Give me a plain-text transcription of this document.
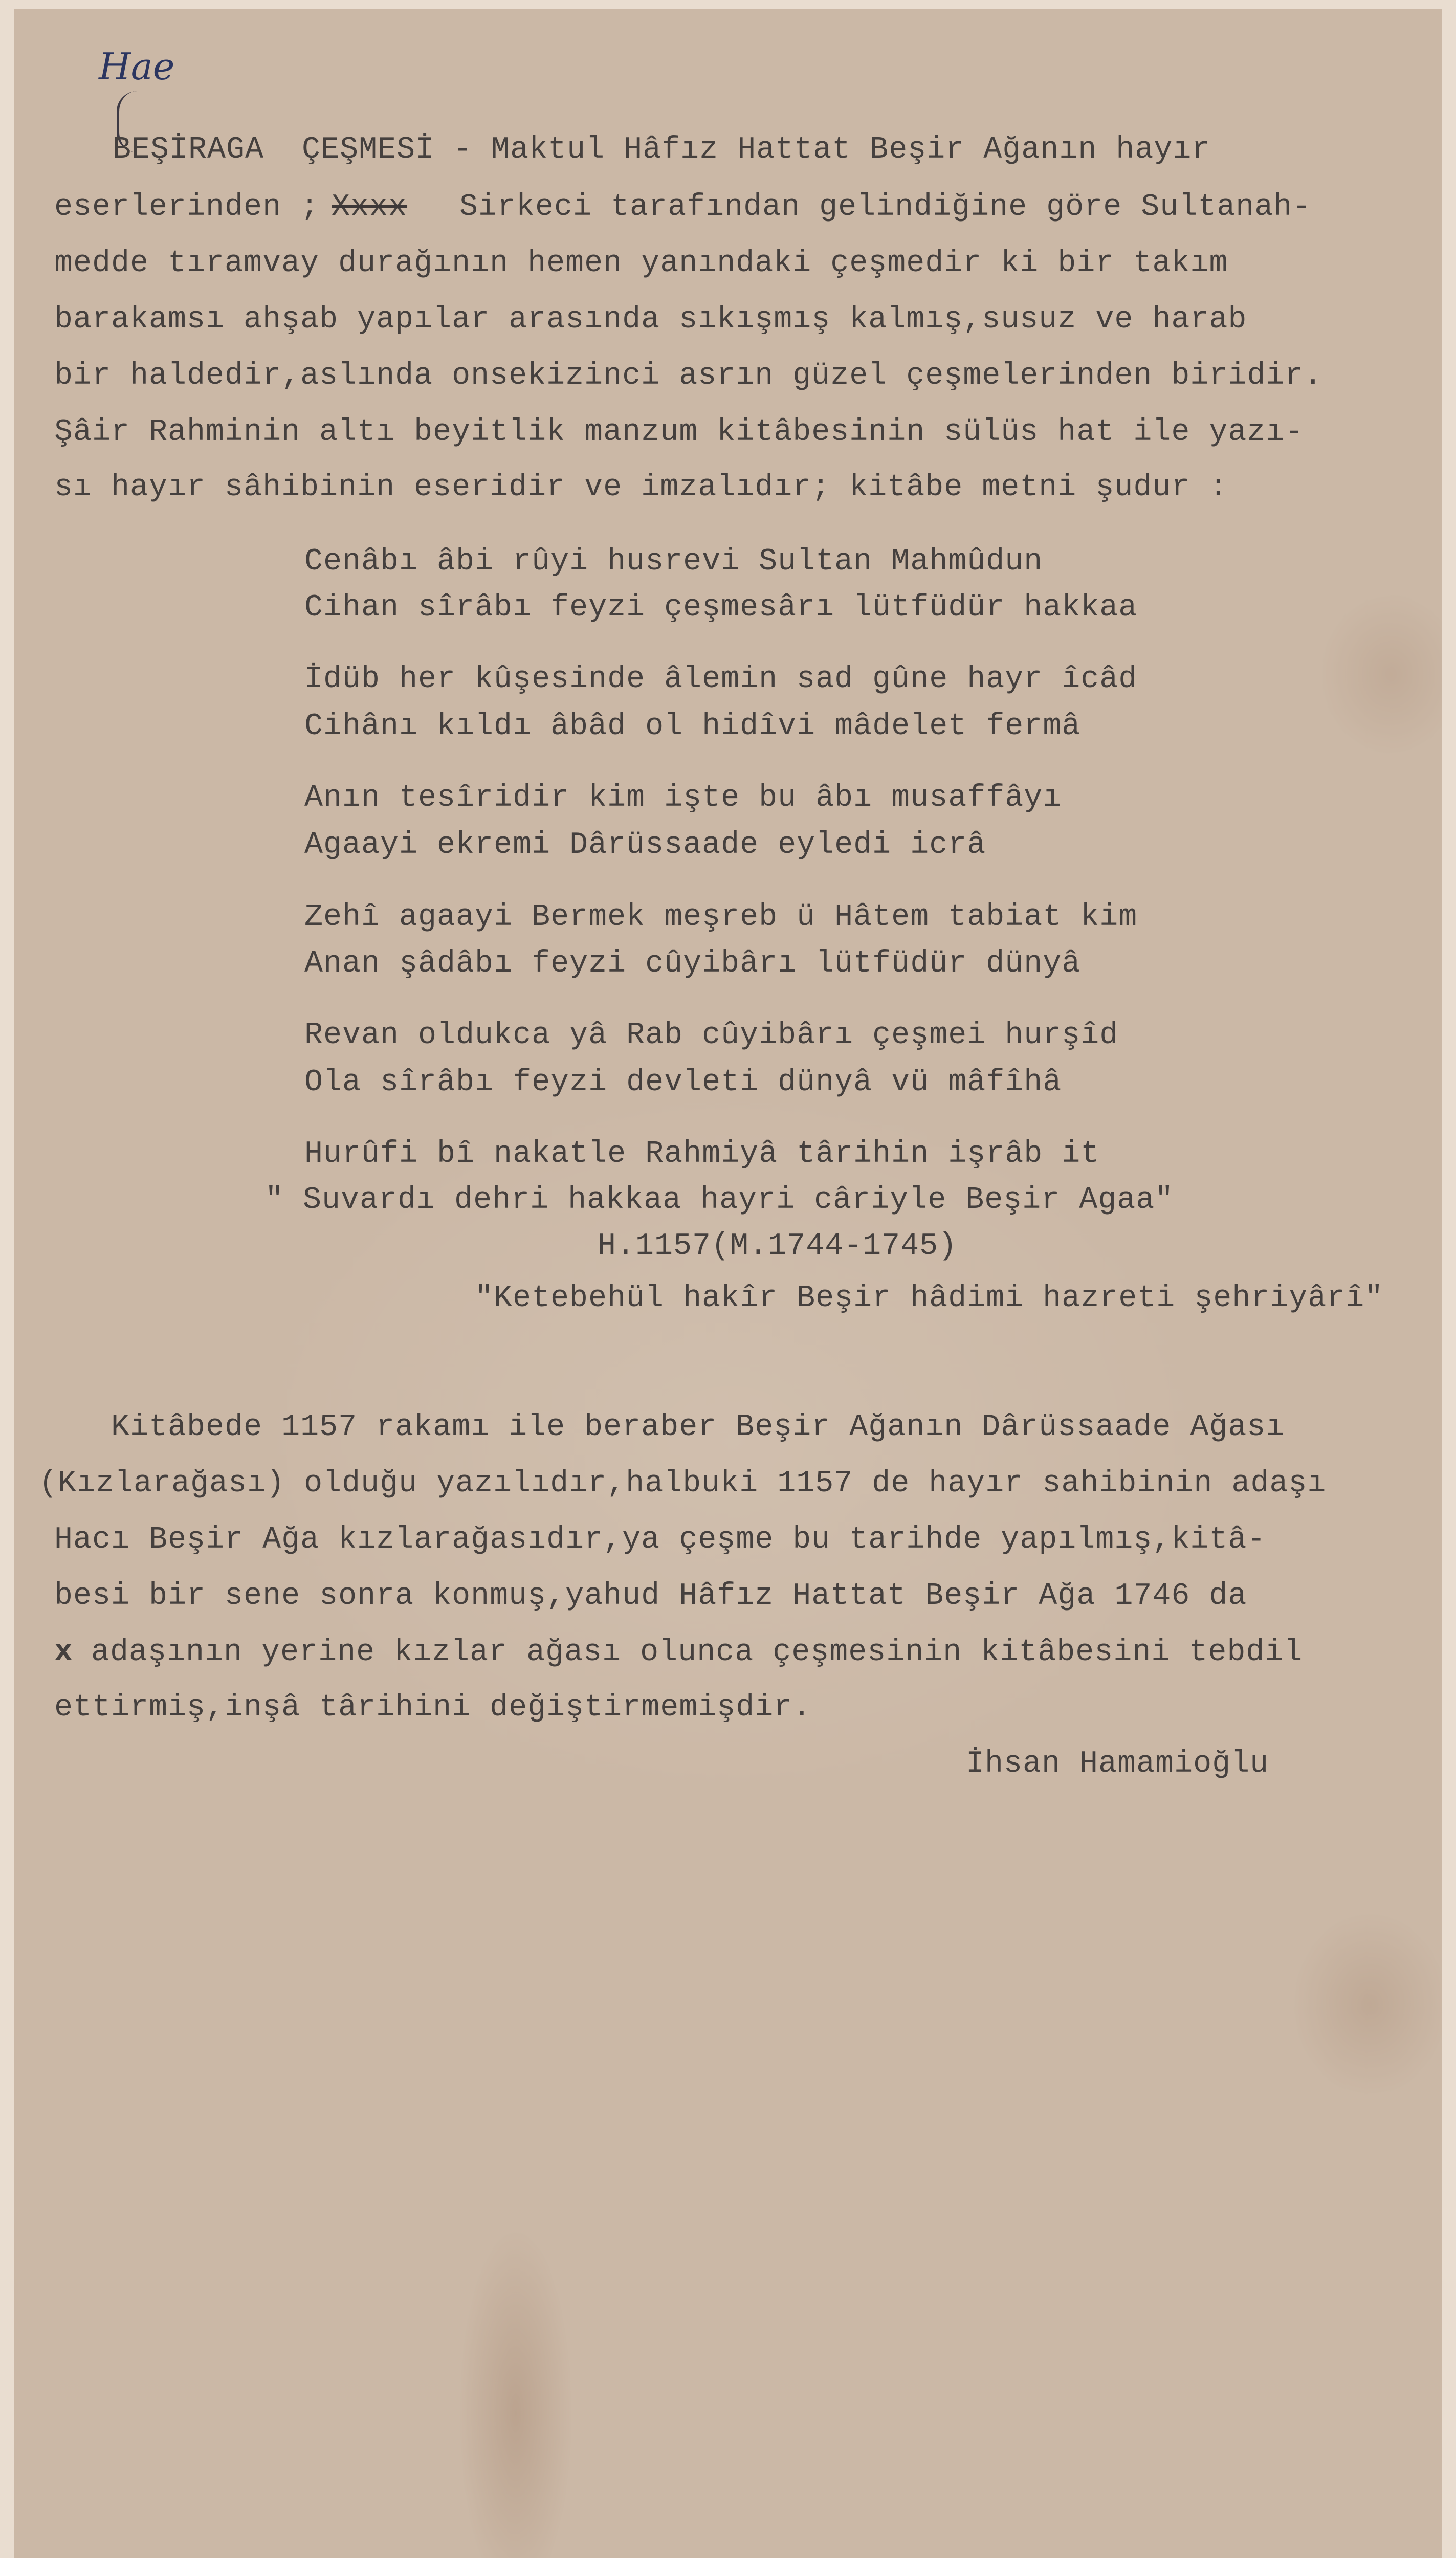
Hae
BEŞİRAGA  ÇEŞMESİ - Maktul Hâfız Hattat Beşir Ağanın hayır
eserlerinden ; Xxxx Sirkeci tarafından gelindiğine göre Sultanah-
medde tıramvay durağının hemen yanındaki çeşmedir ki bir takım
barakamsı ahşab yapılar arasında sıkışmış kalmış,susuz ve harab
bir haldedir,aslında onsekizinci asrın güzel çeşmelerinden biridir.
Şâir Rahminin altı beyitlik manzum kitâbesinin sülüs hat ile yazı-
sı hayır sâhibinin eseridir ve imzalıdır; kitâbe metni şudur :
Cenâbı âbi rûyi husrevi Sultan Mahmûdun
Cihan sîrâbı feyzi çeşmesârı lütfüdür hakkaa
İdüb her kûşesinde âlemin sad gûne hayr îcâd
Cihânı kıldı âbâd ol hidîvi mâdelet fermâ
Anın tesîridir kim işte bu âbı musaffâyı
Agaayi ekremi Dârüssaade eyledi icrâ
Zehî agaayi Bermek meşreb ü Hâtem tabiat kim
Anan şâdâbı feyzi cûyibârı lütfüdür dünyâ
Revan oldukca yâ Rab cûyibârı çeşmei hurşîd
Ola sîrâbı feyzi devleti dünyâ vü mâfîhâ
Hurûfi bî nakatle Rahmiyâ târihin işrâb it
" Suvardı dehri hakkaa hayri câriyle Beşir Agaa"
H.1157(M.1744-1745)
"Ketebehül hakîr Beşir hâdimi hazreti şehriyârî"
Kitâbede 1157 rakamı ile beraber Beşir Ağanın Dârüssaade Ağası
(Kızlarağası) olduğu yazılıdır,halbuki 1157 de hayır sahibinin adaşı
Hacı Beşir Ağa kızlarağasıdır,ya çeşme bu tarihde yapılmış,kitâ-
besi bir sene sonra konmuş,yahud Hâfız Hattat Beşir Ağa 1746 da
x adaşının yerine kızlar ağası olunca çeşmesinin kitâbesini tebdil
ettirmiş,inşâ târihini değiştirmemişdir.
İhsan Hamamioğlu
